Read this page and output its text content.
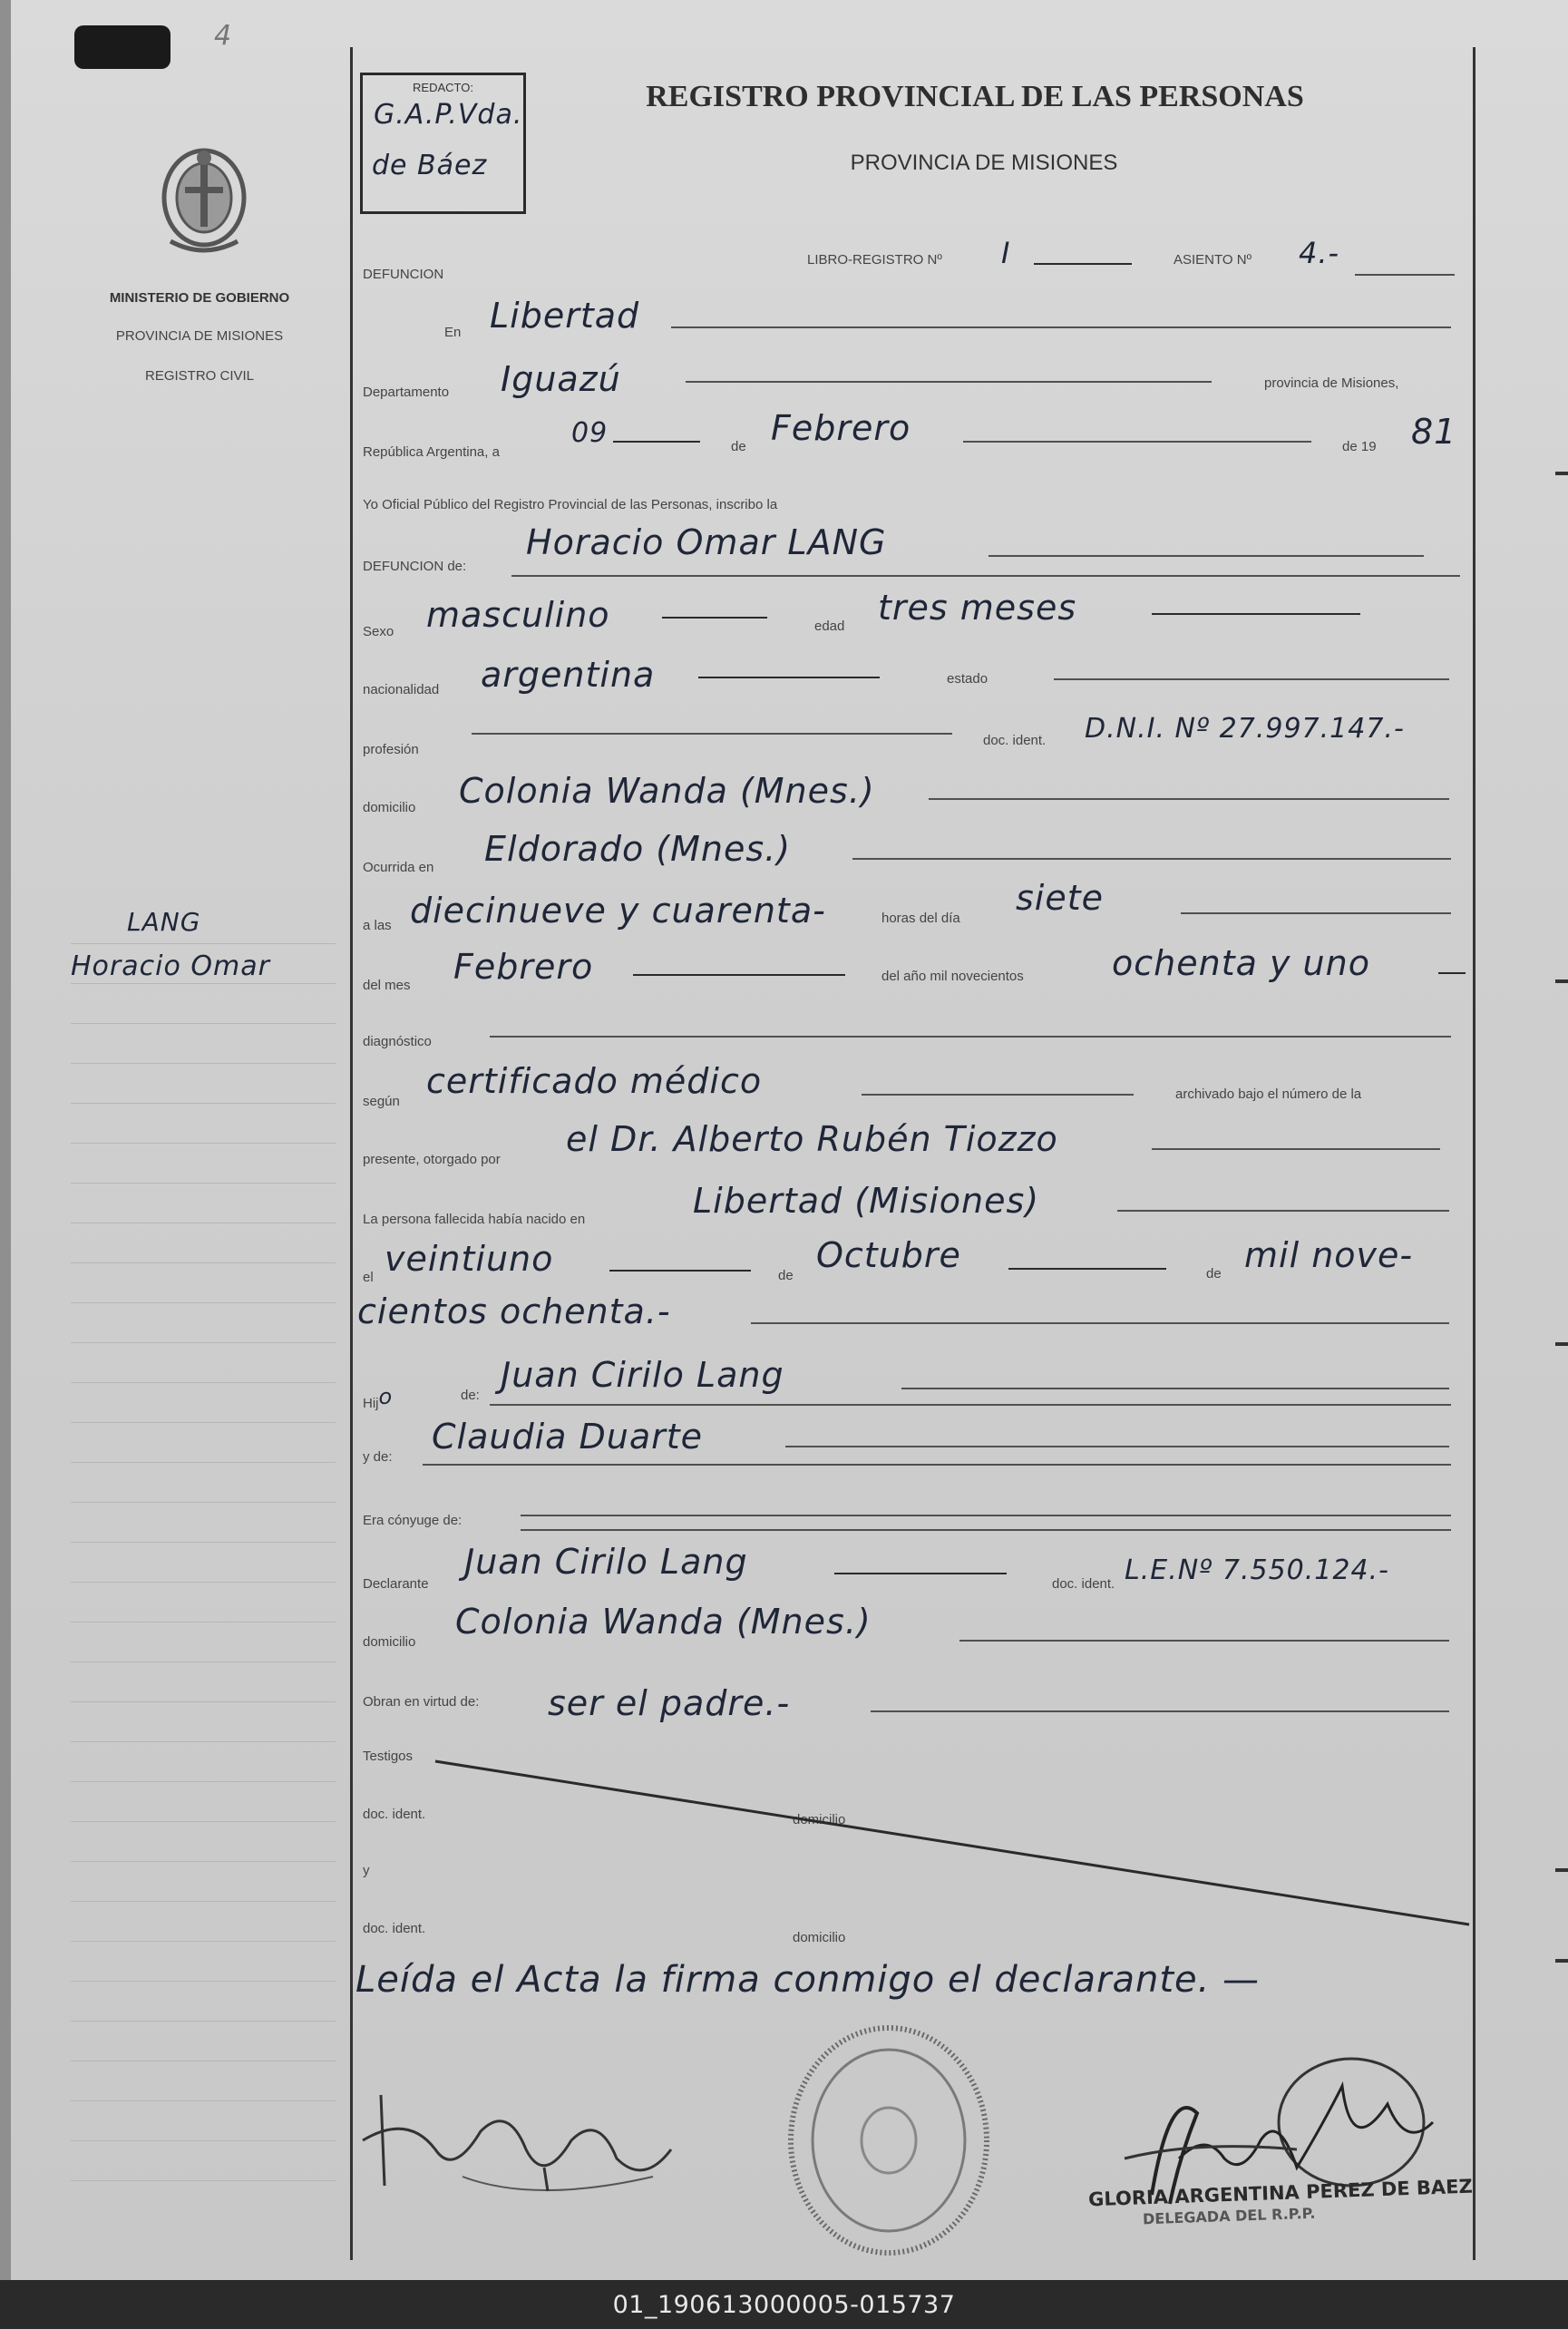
4
MINISTERIO DE GOBIERNO
PROVINCIA DE MISIONES
REGISTRO CIVIL
LANG
Horacio Omar
REDACTO:
G.A.P.Vda.
de Báez
REGISTRO PROVINCIAL DE LAS PERSONAS
PROVINCIA DE MISIONES
DEFUNCION
LIBRO-REGISTRO Nº I	ASIENTO Nº 4.-
En Libertad
Departamento Iguazú	provincia de Misiones,
República Argentina, a
09	de Febrero	de 19 81
Yo Oficial Público del Registro Provincial de las Personas, inscribo la
DEFUNCION de:
Horacio Omar LANG
Sexo masculino	edad tres meses
nacionalidad argentina	estado
profesión
doc. ident. D.N.I. Nº 27.997.147.-
domicilio Colonia Wanda (Mnes.)
Ocurrida en Eldorado (Mnes.)
a las diecinueve y cuarenta-	horas del día
siete
del mes Febrero	del año mil novecientos	ochenta y uno
diagnóstico
según
certificado médico	archivado bajo el número de la
presente, otorgado por
el Dr. Alberto Rubén Tiozzo
La persona fallecida había nacido en	Libertad (Misiones)
el veintiuno	de
Octubre	de mil nove-
cientos ochenta.-
Hijo	de:
Juan Cirilo Lang
y de:
Claudia Duarte
Era cónyuge de:
Declarante
Juan Cirilo Lang
doc. ident. L.E.Nº 7.550.124.-
domicilio
Colonia Wanda (Mnes.)
Obran en virtud de: ser el padre.-
Testigos
doc. ident.	domicilio
y
doc. ident.
domicilio
Leída el Acta la firma conmigo el declarante. —
GLORIA ARGENTINA PEREZ DE BAEZ
DELEGADA DEL R.P.P.
01_190613000005-015737
